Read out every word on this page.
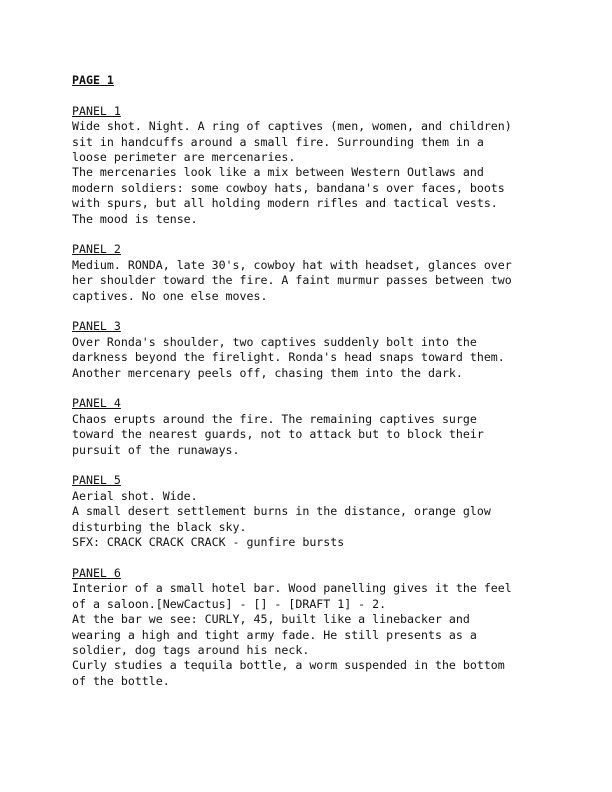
PAGE 1
PANEL 1
Wide shot. Night. A ring of captives (men, women, and children)
sit in handcuffs around a small fire. Surrounding them in a
loose perimeter are mercenaries.
The mercenaries look like a mix between Western Outlaws and
modern soldiers: some cowboy hats, bandana's over faces, boots
with spurs, but all holding modern rifles and tactical vests.
The mood is tense.
PANEL 2
Medium. RONDA, late 30's, cowboy hat with headset, glances over
her shoulder toward the fire. A faint murmur passes between two
captives. No one else moves.
PANEL 3
Over Ronda's shoulder, two captives suddenly bolt into the
darkness beyond the firelight. Ronda's head snaps toward them.
Another mercenary peels off, chasing them into the dark.
PANEL 4
Chaos erupts around the fire. The remaining captives surge
toward the nearest guards, not to attack but to block their
pursuit of the runaways.
PANEL 5
Aerial shot. Wide.
A small desert settlement burns in the distance, orange glow
disturbing the black sky.
SFX: CRACK CRACK CRACK - gunfire bursts
PANEL 6
Interior of a small hotel bar. Wood panelling gives it the feel
of a saloon.[NewCactus] - [] - [DRAFT 1] - 2.
At the bar we see: CURLY, 45, built like a linebacker and
wearing a high and tight army fade. He still presents as a
soldier, dog tags around his neck.
Curly studies a tequila bottle, a worm suspended in the bottom
of the bottle.
